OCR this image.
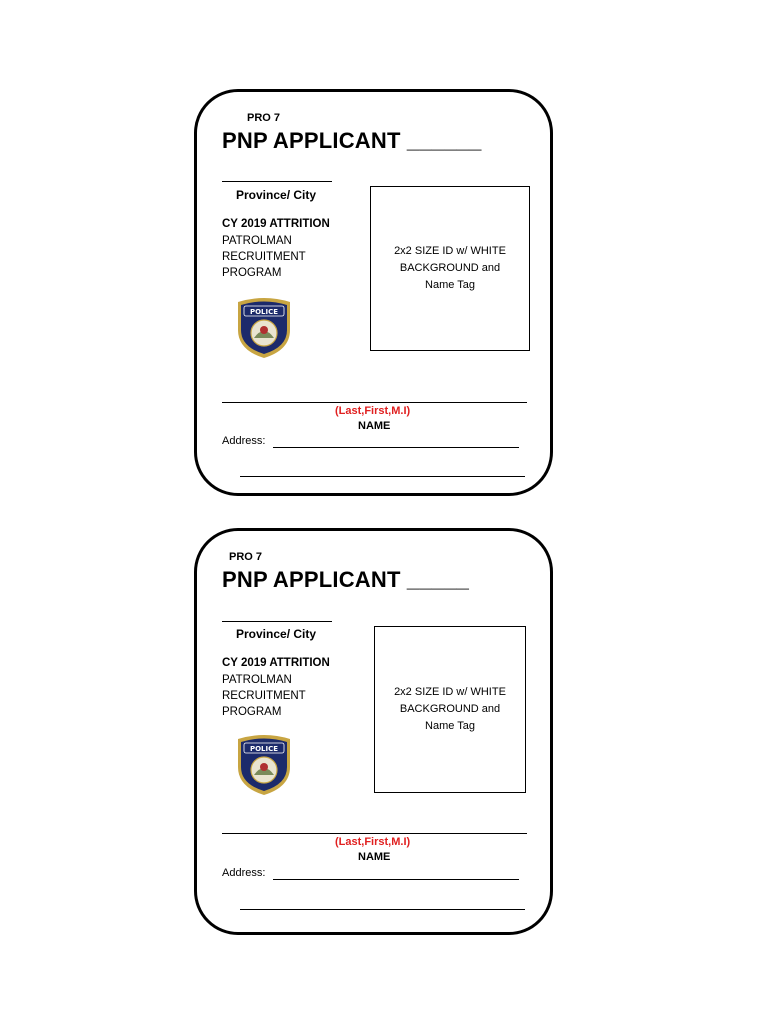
PRO 7
PNP APPLICANT ______
Province/ City
CY 2019 ATTRITION
PATROLMAN
RECRUITMENT
PROGRAM
POLICE
2x2 SIZE ID w/ WHITE
BACKGROUND and
Name Tag
(Last,First,M.I)
NAME
Address:
PRO 7
PNP APPLICANT _____
Province/ City
CY 2019 ATTRITION
PATROLMAN
RECRUITMENT
PROGRAM
POLICE
2x2 SIZE ID w/ WHITE
BACKGROUND and
Name Tag
(Last,First,M.I)
NAME
Address:
